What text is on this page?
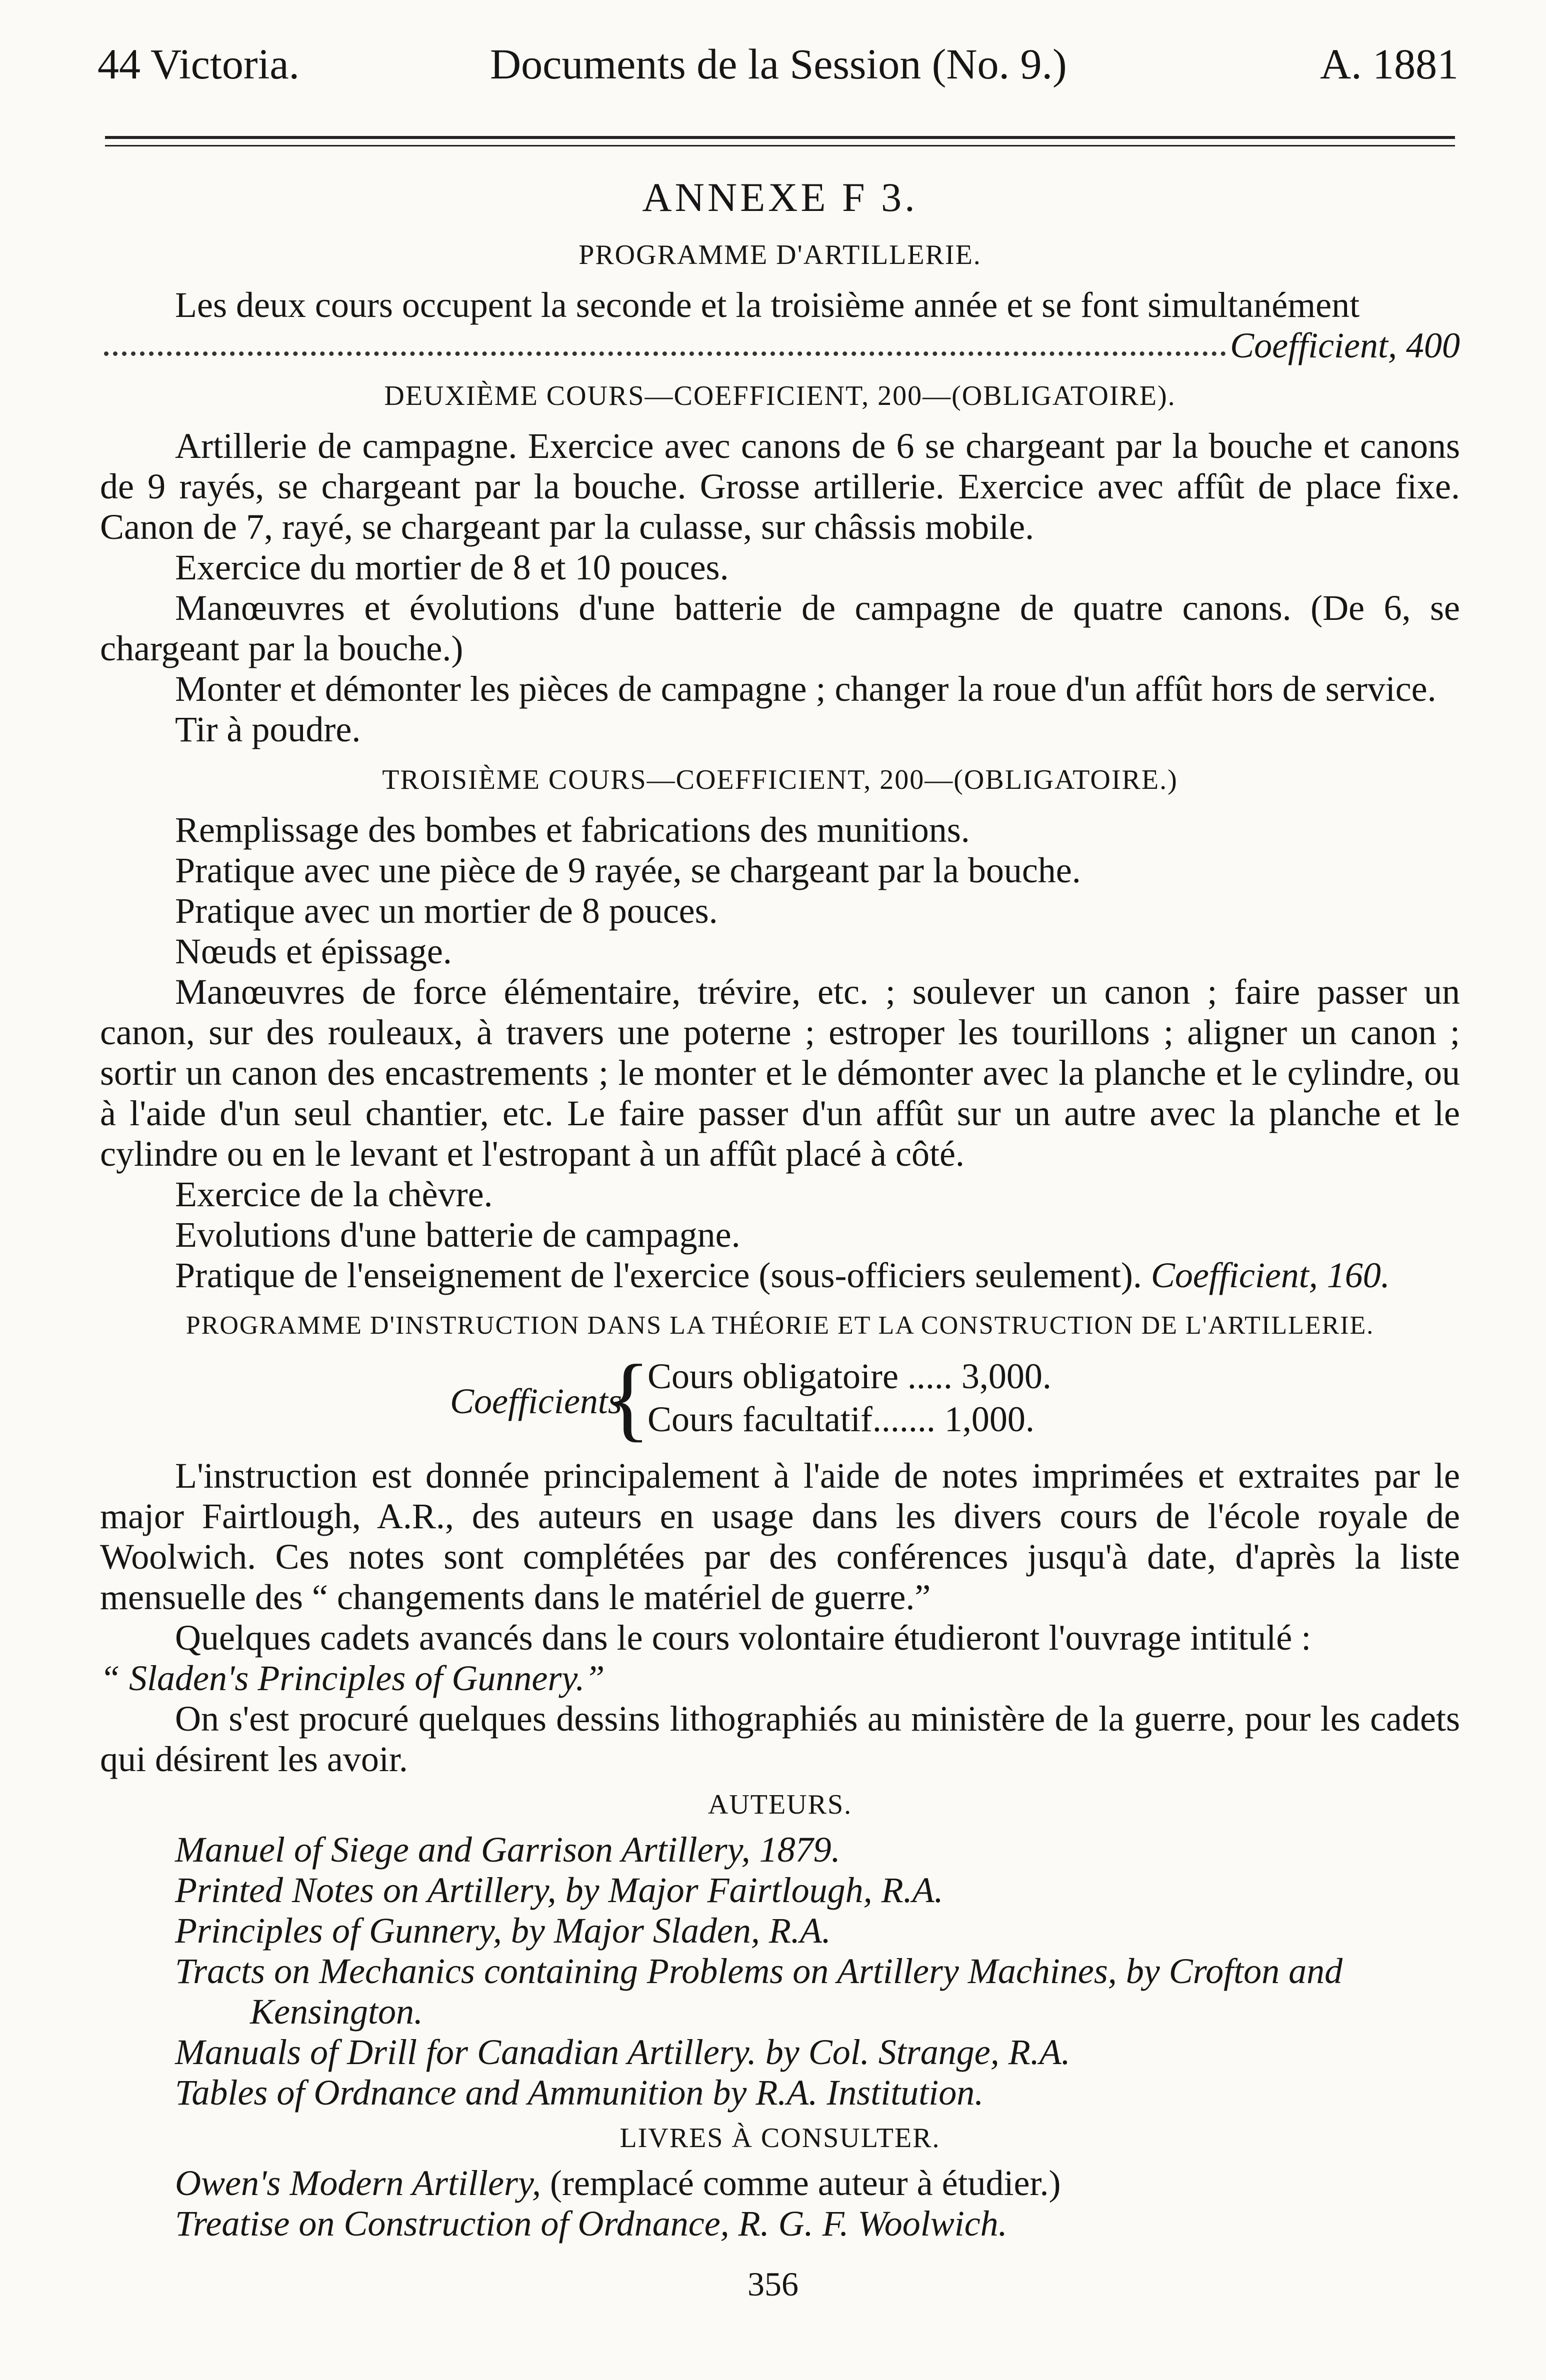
44 Victoria.	Documents de la Session (No. 9.)	A. 1881
ANNEXE F 3.
PROGRAMME D'ARTILLERIE.

Les deux cours occupent la seconde et la troisième année et se font simultanément

Coefficient, 400
DEUXIÈME COURS—COEFFICIENT, 200—(OBLIGATOIRE).

Artillerie de campagne. Exercice avec canons de 6 se chargeant par la bouche et canons de 9 rayés, se chargeant par la bouche. Grosse artillerie. Exercice avec affût de place fixe. Canon de 7, rayé, se chargeant par la culasse, sur châssis mobile.

Exercice du mortier de 8 et 10 pouces.

Manœuvres et évolutions d'une batterie de campagne de quatre canons. (De 6, se chargeant par la bouche.)

Monter et démonter les pièces de campagne ; changer la roue d'un affût hors de service.

Tir à poudre.
TROISIÈME COURS—COEFFICIENT, 200—(OBLIGATOIRE.)
Remplissage des bombes et fabrications des munitions.
Pratique avec une pièce de 9 rayée, se chargeant par la bouche.
Pratique avec un mortier de 8 pouces.
Nœuds et épissage.

Manœuvres de force élémentaire, trévire, etc. ; soulever un canon ; faire passer un canon, sur des rouleaux, à travers une poterne ; estroper les tourillons ; aligner un canon ; sortir un canon des encastrements ; le monter et le démonter avec la planche et le cylindre, ou à l'aide d'un seul chantier, etc. Le faire passer d'un affût sur un autre avec la planche et le cylindre ou en le levant et l'estropant à un affût placé à côté.

Exercice de la chèvre.
Evolutions d'une batterie de campagne.
Pratique de l'enseignement de l'exercice (sous-officiers seulement). Coefficient, 160.
PROGRAMME D'INSTRUCTION DANS LA THÉORIE ET LA CONSTRUCTION DE L'ARTILLERIE.
Coefficients.
{
Cours obligatoire ..... 3,000.
Cours facultatif....... 1,000.

L'instruction est donnée principalement à l'aide de notes imprimées et extraites par le major Fairtlough, A.R., des auteurs en usage dans les divers cours de l'école royale de Woolwich. Ces notes sont complétées par des conférences jusqu'à date, d'après la liste mensuelle des “ changements dans le matériel de guerre.”

Quelques cadets avancés dans le cours volontaire étudieront l'ouvrage intitulé :

“ Sladen's Principles of Gunnery.”

On s'est procuré quelques dessins lithographiés au ministère de la guerre, pour les cadets qui désirent les avoir.

AUTEURS.
Manuel of Siege and Garrison Artillery, 1879.
Printed Notes on Artillery, by Major Fairtlough, R.A.
Principles of Gunnery, by Major Sladen, R.A.
Tracts on Mechanics containing Problems on Artillery Machines, by Crofton and Kensington.
Manuals of Drill for Canadian Artillery. by Col. Strange, R.A.
Tables of Ordnance and Ammunition by R.A. Institution.
LIVRES À CONSULTER.
Owen's Modern Artillery, (remplacé comme auteur à étudier.)
Treatise on Construction of Ordnance, R. G. F. Woolwich.
356
